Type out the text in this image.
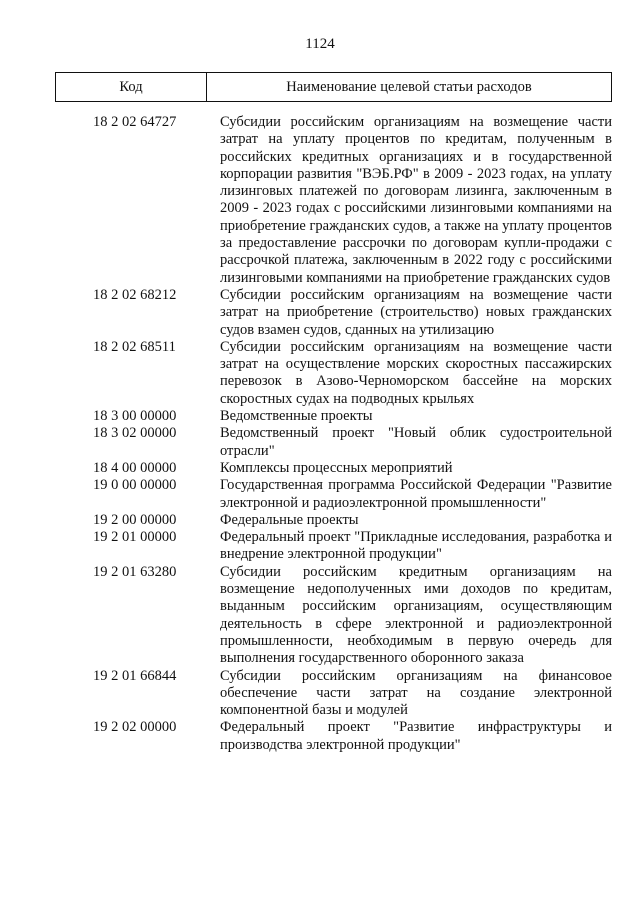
1124
Код	Наименование целевой статьи расходов
18 2 02 64727	Субсидии российским организациям на возмещение части затрат на уплату процентов по кредитам, полученным в российских кредитных организациях и в государственной корпорации развития "ВЭБ.РФ" в 2009 - 2023 годах, на уплату лизинговых платежей по договорам лизинга, заключенным в 2009 - 2023 годах с российскими лизинговыми компаниями на приобретение гражданских судов, а также на уплату процентов за предоставление рассрочки по договорам купли-продажи с рассрочкой платежа, заключенным в 2022 году с российскими лизинговыми компаниями на приобретение гражданских судов
18 2 02 68212	Субсидии российским организациям на возмещение части затрат на приобретение (строительство) новых гражданских судов взамен судов, сданных на утилизацию
18 2 02 68511	Субсидии российским организациям на возмещение части затрат на осуществление морских скоростных пассажирских перевозок в Азово-Черноморском бассейне на морских скоростных судах на подводных крыльях
18 3 00 00000	Ведомственные проекты
18 3 02 00000	Ведомственный проект "Новый облик судостроительной отрасли"
18 4 00 00000	Комплексы процессных мероприятий
19 0 00 00000	Государственная программа Российской Федерации "Развитие электронной и радиоэлектронной промышленности"
19 2 00 00000	Федеральные проекты
19 2 01 00000	Федеральный проект "Прикладные исследования, разработка и внедрение электронной продукции"
19 2 01 63280	Субсидии российским кредитным организациям на возмещение недополученных ими доходов по кредитам, выданным российским организациям, осуществляющим деятельность в сфере электронной и радиоэлектронной промышленности, необходимым в первую очередь для выполнения государственного оборонного заказа
19 2 01 66844	Субсидии российским организациям на финансовое обеспечение части затрат на создание электронной компонентной базы и модулей
19 2 02 00000	Федеральный проект "Развитие инфраструктуры и производства электронной продукции"
